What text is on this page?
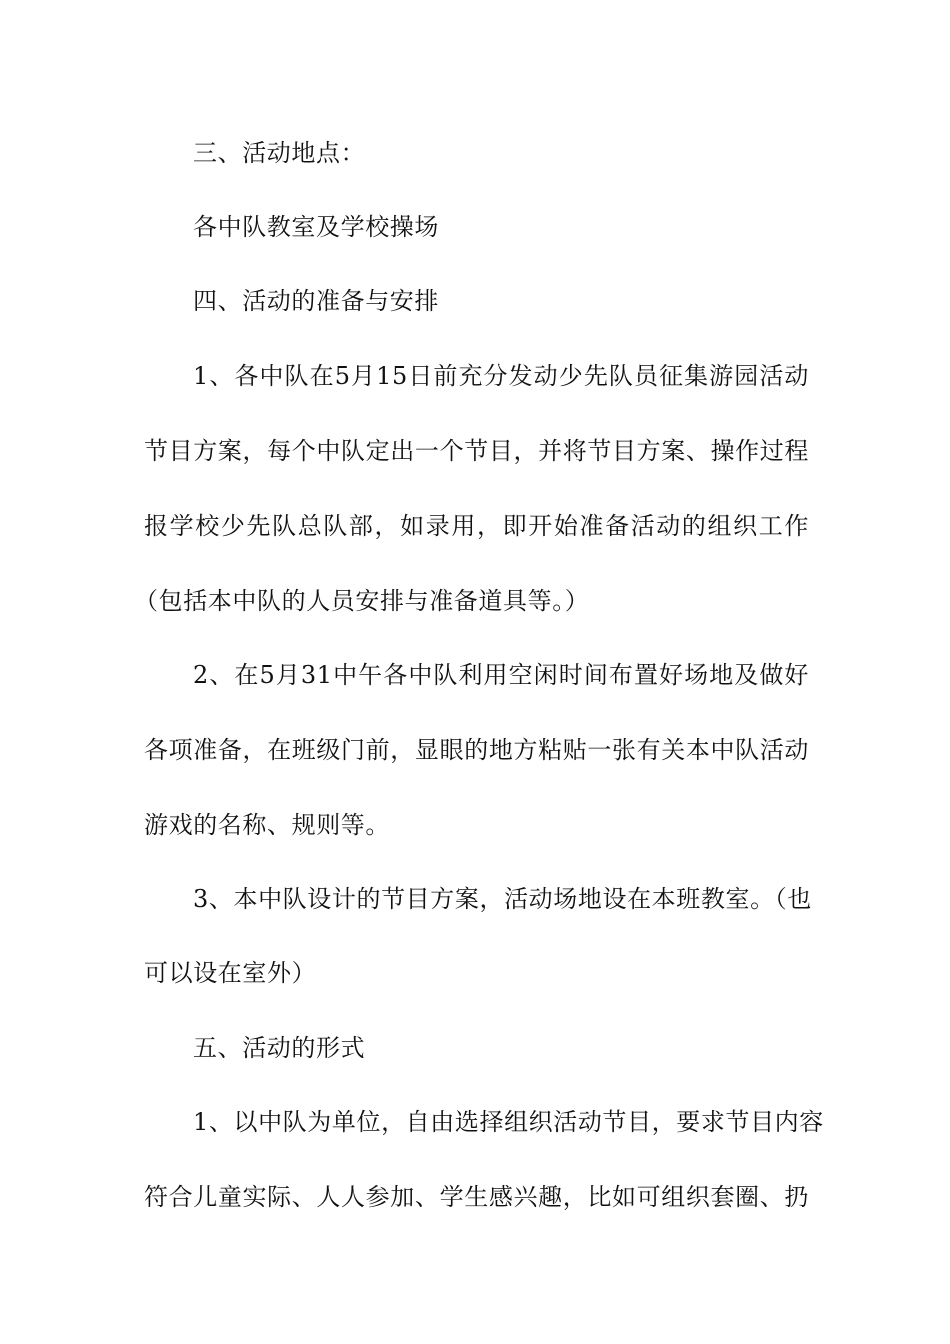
三、活动地点：
各中队教室及学校操场
四、活动的准备与安排
1、各中队在5月15日前充分发动少先队员征集游园活动
节目方案，每个中队定出一个节目，并将节目方案、操作过程
报学校少先队总队部，如录用，即开始准备活动的组织工作
（包括本中队的人员安排与准备道具等。）
2、在5月31中午各中队利用空闲时间布置好场地及做好
各项准备，在班级门前，显眼的地方粘贴一张有关本中队活动
游戏的名称、规则等。
3、本中队设计的节目方案，活动场地设在本班教室。（也
可以设在室外）
五、活动的形式
1、以中队为单位，自由选择组织活动节目，要求节目内容
符合儿童实际、人人参加、学生感兴趣，比如可组织套圈、扔
